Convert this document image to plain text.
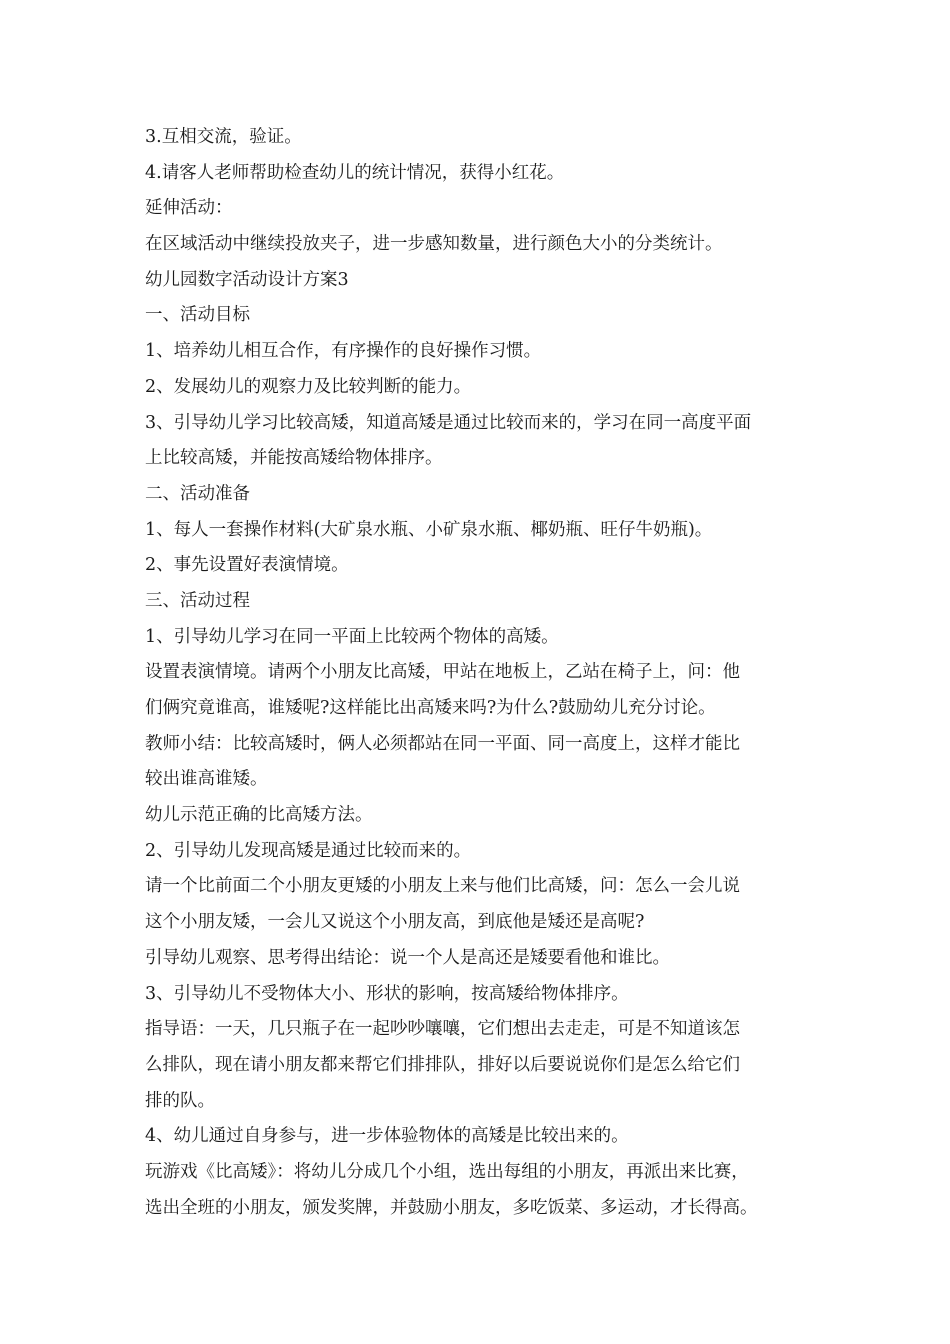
3.互相交流，验证。
4.请客人老师帮助检查幼儿的统计情况，获得小红花。
延伸活动：
在区域活动中继续投放夹子，进一步感知数量，进行颜色大小的分类统计。
幼儿园数字活动设计方案3
一、活动目标
1、培养幼儿相互合作，有序操作的良好操作习惯。
2、发展幼儿的观察力及比较判断的能力。
3、引导幼儿学习比较高矮，知道高矮是通过比较而来的，学习在同一高度平面
上比较高矮，并能按高矮给物体排序。
二、活动准备
1、每人一套操作材料(大矿泉水瓶、小矿泉水瓶、椰奶瓶、旺仔牛奶瓶)。
2、事先设置好表演情境。
三、活动过程
1、引导幼儿学习在同一平面上比较两个物体的高矮。
设置表演情境。请两个小朋友比高矮，甲站在地板上，乙站在椅子上，问：他
们俩究竟谁高，谁矮呢?这样能比出高矮来吗?为什么?鼓励幼儿充分讨论。
教师小结：比较高矮时，俩人必须都站在同一平面、同一高度上，这样才能比
较出谁高谁矮。
幼儿示范正确的比高矮方法。
2、引导幼儿发现高矮是通过比较而来的。
请一个比前面二个小朋友更矮的小朋友上来与他们比高矮，问：怎么一会儿说
这个小朋友矮，一会儿又说这个小朋友高，到底他是矮还是高呢?
引导幼儿观察、思考得出结论：说一个人是高还是矮要看他和谁比。
3、引导幼儿不受物体大小、形状的影响，按高矮给物体排序。
指导语：一天，几只瓶子在一起吵吵嚷嚷，它们想出去走走，可是不知道该怎
么排队，现在请小朋友都来帮它们排排队，排好以后要说说你们是怎么给它们
排的队。
4、幼儿通过自身参与，进一步体验物体的高矮是比较出来的。
玩游戏《比高矮》：将幼儿分成几个小组，选出每组的小朋友，再派出来比赛，
选出全班的小朋友，颁发奖牌，并鼓励小朋友，多吃饭菜、多运动，才长得高。
